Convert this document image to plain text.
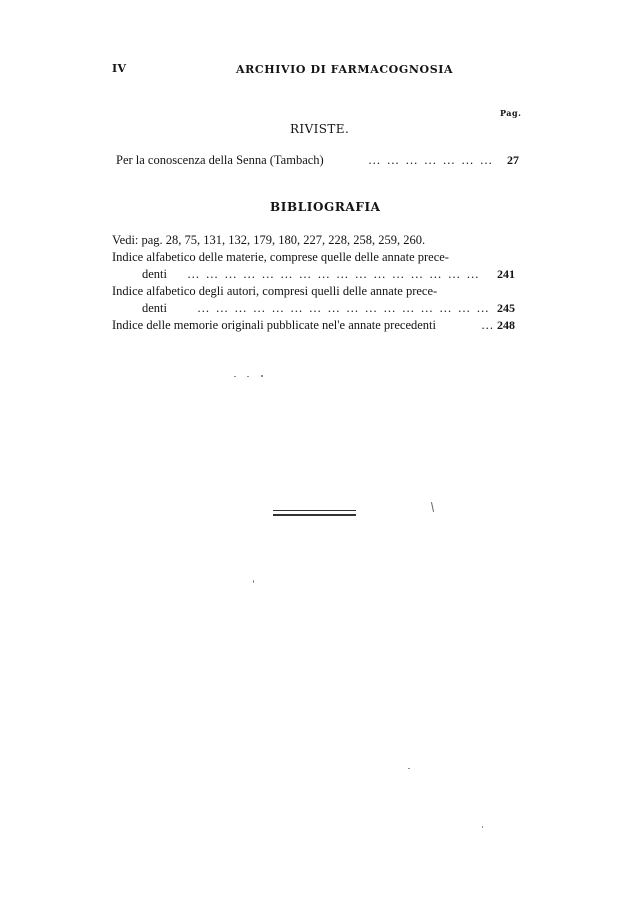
IV	ARCHIVIO DI FARMACOGNOSIA
Pag.
RIVISTE.
Per la conoscenza della Senna (Tambach)	… … … … … … … 27
BIBLIOGRAFIA
Vedi: pag. 28, 75, 131, 132, 179, 180, 227, 228, 258, 259, 260.
Indice alfabetico delle materie, comprese quelle delle annate prece-
denti … … … … … … … … … … … … … … … … 241
Indice alfabetico degli autori, compresi quelli delle annate prece-
denti … … … … … … … … … … … … … … … … 245
Indice delle memorie originali pubblicate nel'e annate precedenti	… 248
